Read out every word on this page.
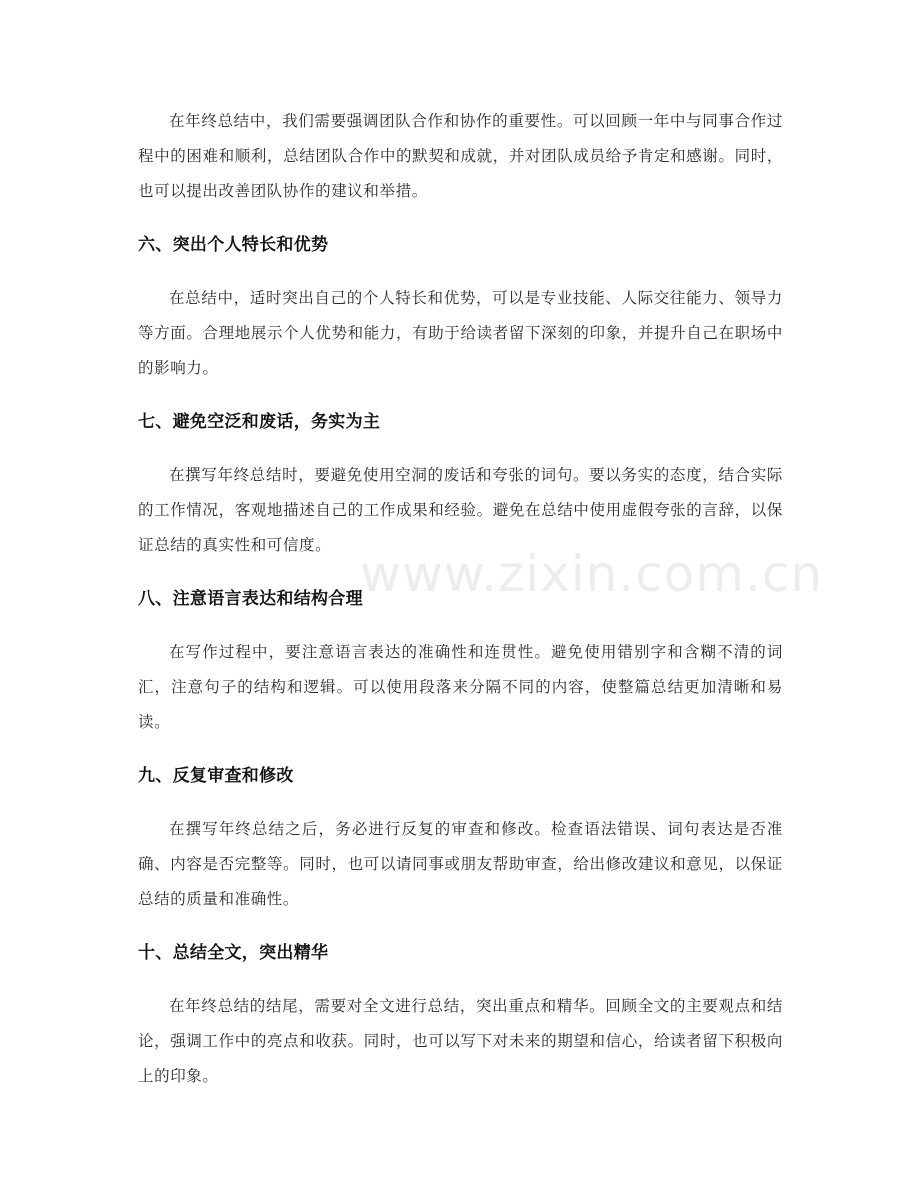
在年终总结中，我们需要强调团队合作和协作的重要性。可以回顾一年中与同事合作过程中的困难和顺利，总结团队合作中的默契和成就，并对团队成员给予肯定和感谢。同时，也可以提出改善团队协作的建议和举措。

六、突出个人特长和优势

在总结中，适时突出自己的个人特长和优势，可以是专业技能、人际交往能力、领导力等方面。合理地展示个人优势和能力，有助于给读者留下深刻的印象，并提升自己在职场中的影响力。

七、避免空泛和废话，务实为主

在撰写年终总结时，要避免使用空洞的废话和夸张的词句。要以务实的态度，结合实际的工作情况，客观地描述自己的工作成果和经验。避免在总结中使用虚假夸张的言辞，以保证总结的真实性和可信度。

八、注意语言表达和结构合理

在写作过程中，要注意语言表达的准确性和连贯性。避免使用错别字和含糊不清的词汇，注意句子的结构和逻辑。可以使用段落来分隔不同的内容，使整篇总结更加清晰和易读。

九、反复审查和修改

在撰写年终总结之后，务必进行反复的审查和修改。检查语法错误、词句表达是否准确、内容是否完整等。同时，也可以请同事或朋友帮助审查，给出修改建议和意见，以保证总结的质量和准确性。

十、总结全文，突出精华

在年终总结的结尾，需要对全文进行总结，突出重点和精华。回顾全文的主要观点和结论，强调工作中的亮点和收获。同时，也可以写下对未来的期望和信心，给读者留下积极向上的印象。

www.zixin.com.cn
